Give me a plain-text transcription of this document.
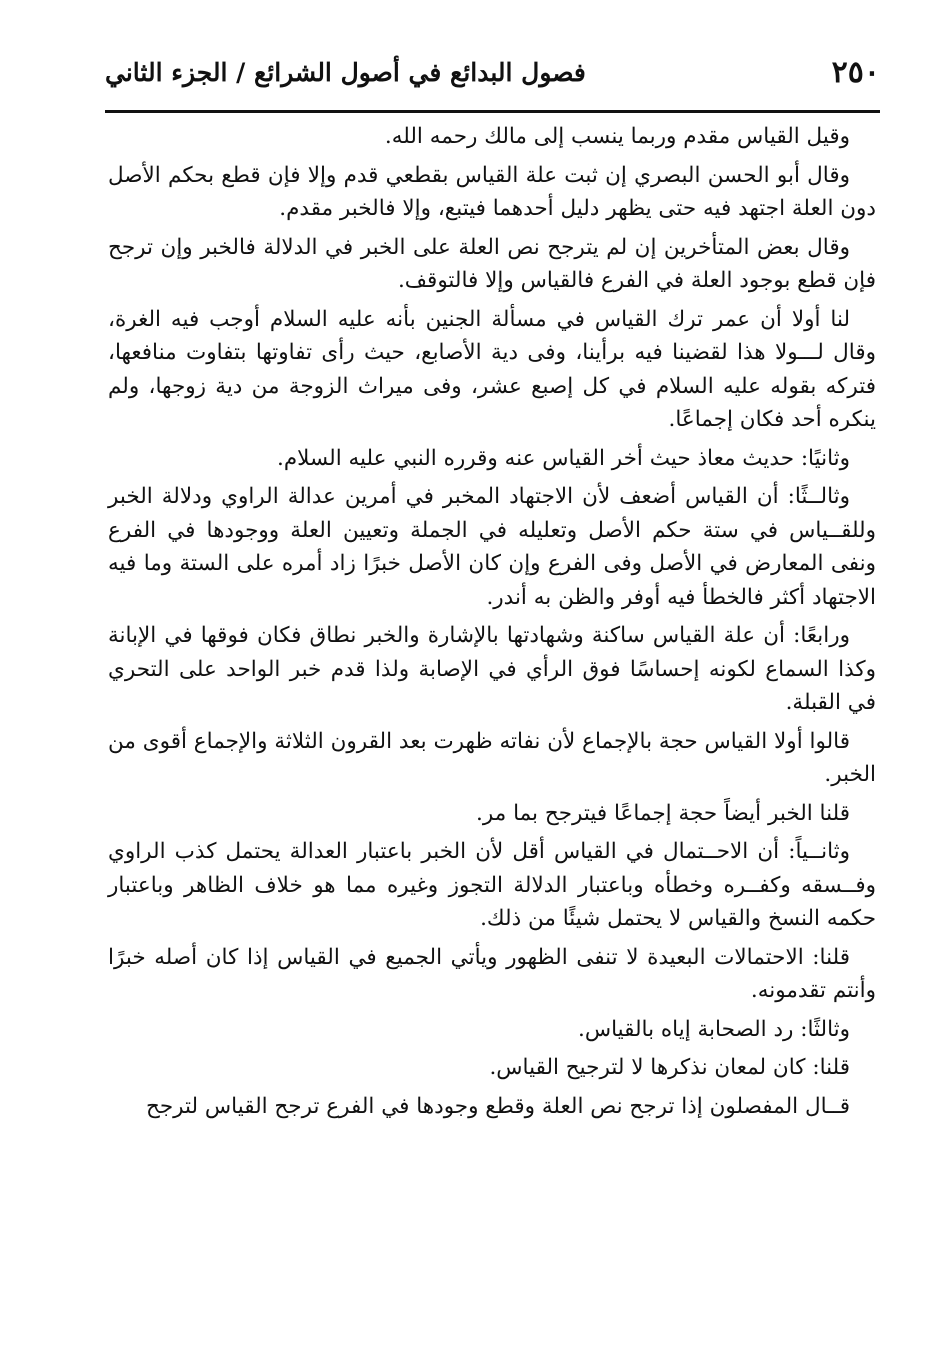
٢٥٠
فصول البدائع في أصول الشرائع / الجزء الثاني

وقيل القياس مقدم وربما ينسب إلى مالك رحمه الله.

وقال أبو الحسن البصري إن ثبت علة القياس بقطعي قدم وإلا فإن قطع بحكم الأصل دون العلة اجتهد فيه حتى يظهر دليل أحدهما فيتبع، وإلا فالخبر مقدم.

وقال بعض المتأخرين إن لم يترجح نص العلة على الخبر في الدلالة فالخبر وإن ترجح فإن قطع بوجود العلة في الفرع فالقياس وإلا فالتوقف.

لنا أولا أن عمر ترك القياس في مسألة الجنين بأنه عليه السلام أوجب فيه الغرة، وقال لـــولا هذا لقضينا فيه برأينا، وفى دية الأصابع، حيث رأى تفاوتها بتفاوت منافعها، فتركه بقوله عليه السلام في كل إصبع عشر، وفى ميراث الزوجة من دية زوجها، ولم ينكره أحد فكان إجماعًا.

وثانيًا: حديث معاذ حيث أخر القياس عنه وقرره النبي عليه السلام.

وثالــثًا: أن القياس أضعف لأن الاجتهاد المخبر في أمرين عدالة الراوي ودلالة الخبر وللقــياس في ستة حكم الأصل وتعليله في الجملة وتعيين العلة ووجودها في الفرع ونفى المعارض في الأصل وفى الفرع وإن كان الأصل خبرًا زاد أمره على الستة وما فيه الاجتهاد أكثر فالخطأ فيه أوفر والظن به أندر.

ورابعًا: أن علة القياس ساكنة وشهادتها بالإشارة والخبر نطاق فكان فوقها في الإبانة وكذا السماع لكونه إحساسًا فوق الرأي في الإصابة ولذا قدم خبر الواحد على التحري في القبلة.

قالوا أولا القياس حجة بالإجماع لأن نفاته ظهرت بعد القرون الثلاثة والإجماع أقوى من الخبر.

قلنا الخبر أيضاً حجة إجماعًا فيترجح بما مر.

وثانــياً: أن الاحــتمال في القياس أقل لأن الخبر باعتبار العدالة يحتمل كذب الراوي وفــسقه وكفــره وخطأه وباعتبار الدلالة التجوز وغيره مما هو خلاف الظاهر وباعتبار حكمه النسخ والقياس لا يحتمل شيئًا من ذلك.

قلنا: الاحتمالات البعيدة لا تنفى الظهور ويأتي الجميع في القياس إذا كان أصله خبرًا وأنتم تقدمونه.

وثالثًا: رد الصحابة إياه بالقياس.

قلنا: كان لمعان نذكرها لا لترجيح القياس.

قــال المفصلون إذا ترجح نص العلة وقطع وجودها في الفرع ترجح القياس لترجح
